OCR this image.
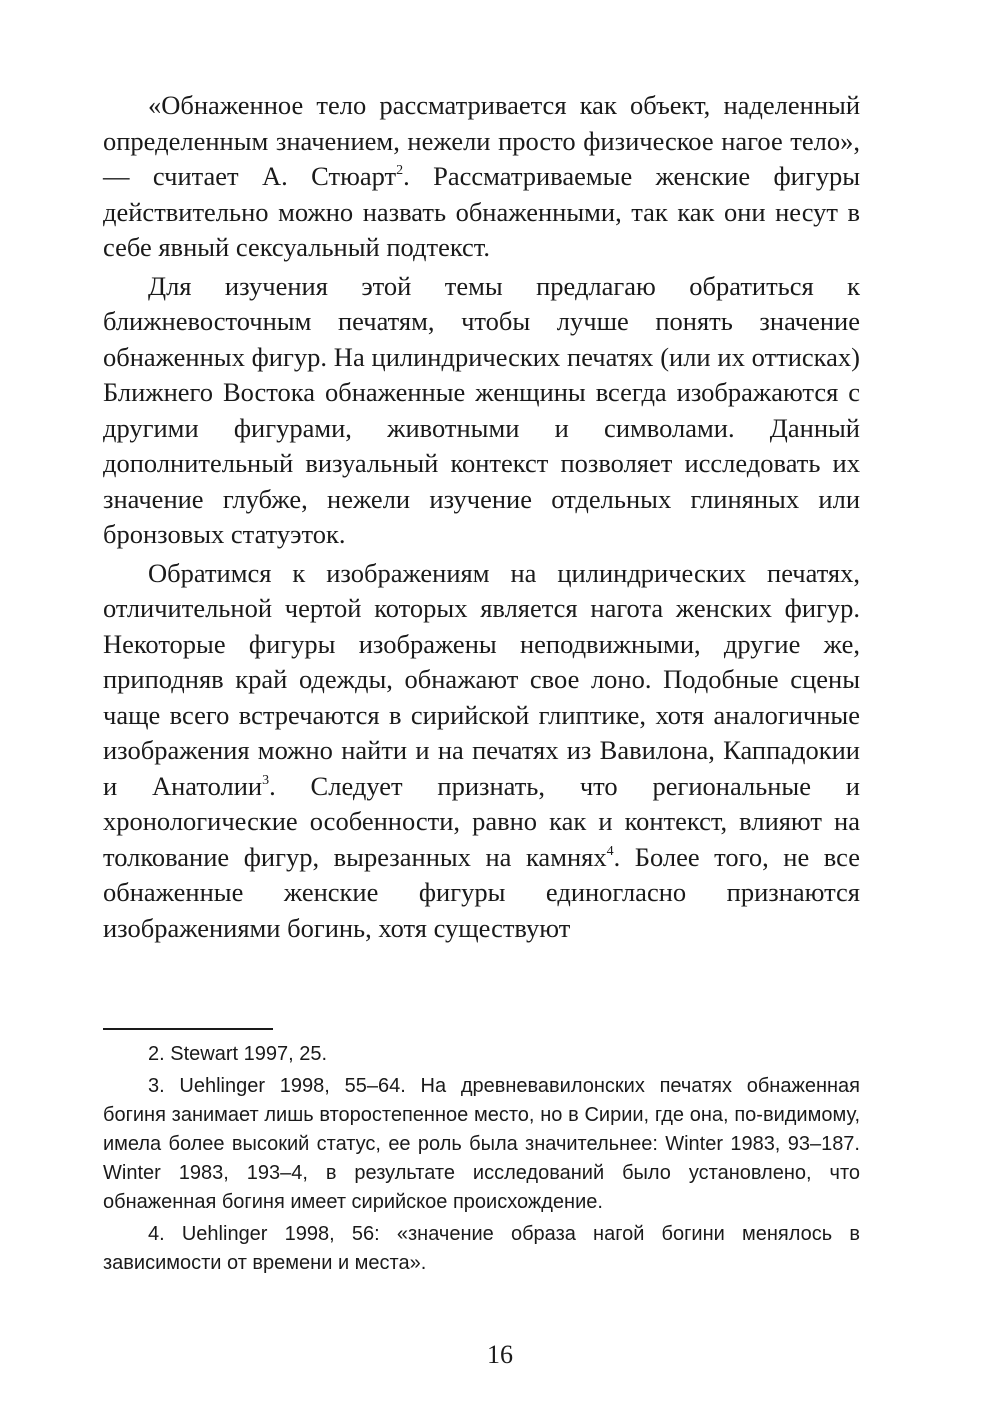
«Обнаженное тело рассматривается как объект, наделенный определенным значением, нежели просто физическое нагое тело», — считает А. Стюарт$^2$. Рассматриваемые женские фигуры действительно можно назвать обнаженными, так как они несут в себе явный сексуальный подтекст.

Для изучения этой темы предлагаю обратиться к ближневосточным печатям, чтобы лучше понять значение обнаженных фигур. На цилиндрических печатях (или их оттисках) Ближнего Востока обнаженные женщины всегда изображаются с другими фигурами, животными и символами. Данный дополнительный визуальный контекст позволяет исследовать их значение глубже, нежели изучение отдельных глиняных или бронзовых статуэток.

Обратимся к изображениям на цилиндрических печатях, отличительной чертой которых является нагота женских фигур. Некоторые фигуры изображены неподвижными, другие же, приподняв край одежды, обнажают свое лоно. Подобные сцены чаще всего встречаются в сирийской глиптике, хотя аналогичные изображения можно найти и на печатях из Вавилона, Каппадокии и Анатолии$^3$. Следует признать, что региональные и хронологические особенности, равно как и контекст, влияют на толкование фигур, вырезанных на камнях$^4$. Более того, не все обнаженные женские фигуры единогласно признаются изображениями богинь, хотя существуют

2. Stewart 1997, 25.

3. Uehlinger 1998, 55–64. На древневавилонских печатях обнаженная богиня занимает лишь второстепенное место, но в Сирии, где она, по-видимому, имела более высокий статус, ее роль была значительнее: Winter 1983, 93–187. Winter 1983, 193–4, в результате исследований было установлено, что обнаженная богиня имеет сирийское происхождение.

4. Uehlinger 1998, 56: «значение образа нагой богини менялось в зависимости от времени и места».

16
